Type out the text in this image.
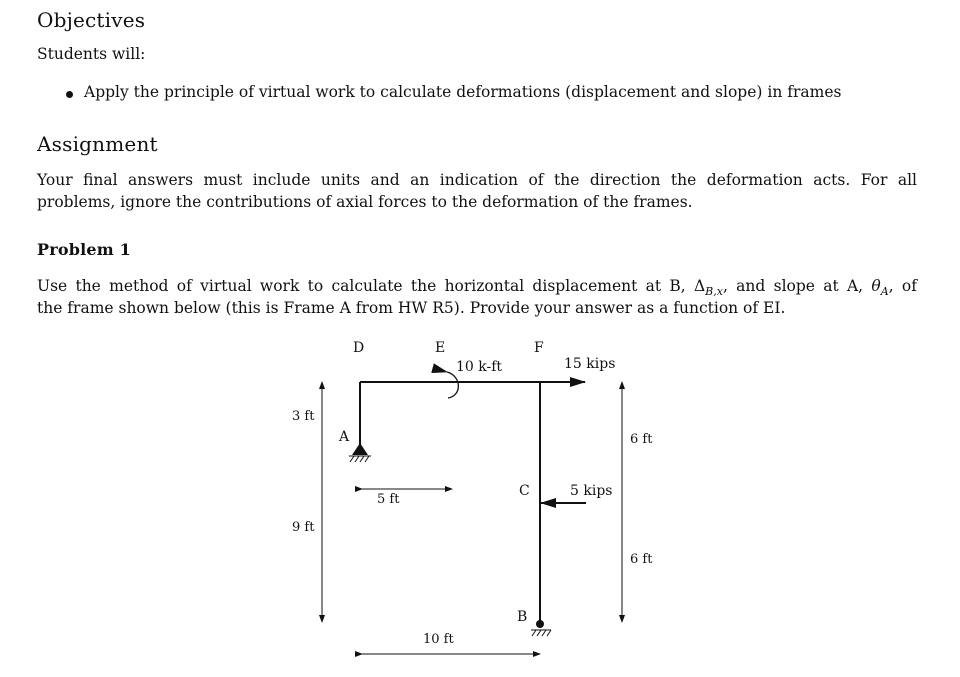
Objectives
Students will:
Apply the principle of virtual work to calculate deformations (displacement and slope) in frames
Assignment
Your final answers must include units and an indication of the direction the deformation acts. For all
problems, ignore the contributions of axial forces to the deformation of the frames.
Problem 1
Use the method of virtual work to calculate the horizontal displacement at B, $\Delta_{B,x}$, and slope at A, $\theta_A$, of
the frame shown below (this is Frame A from HW R5). Provide your answer as a function of EI.
D	E	F
A
C
B
10 k-ft	15 kips
5 kips
3 ft
9 ft
5 ft
10 ft
6 ft
6 ft
